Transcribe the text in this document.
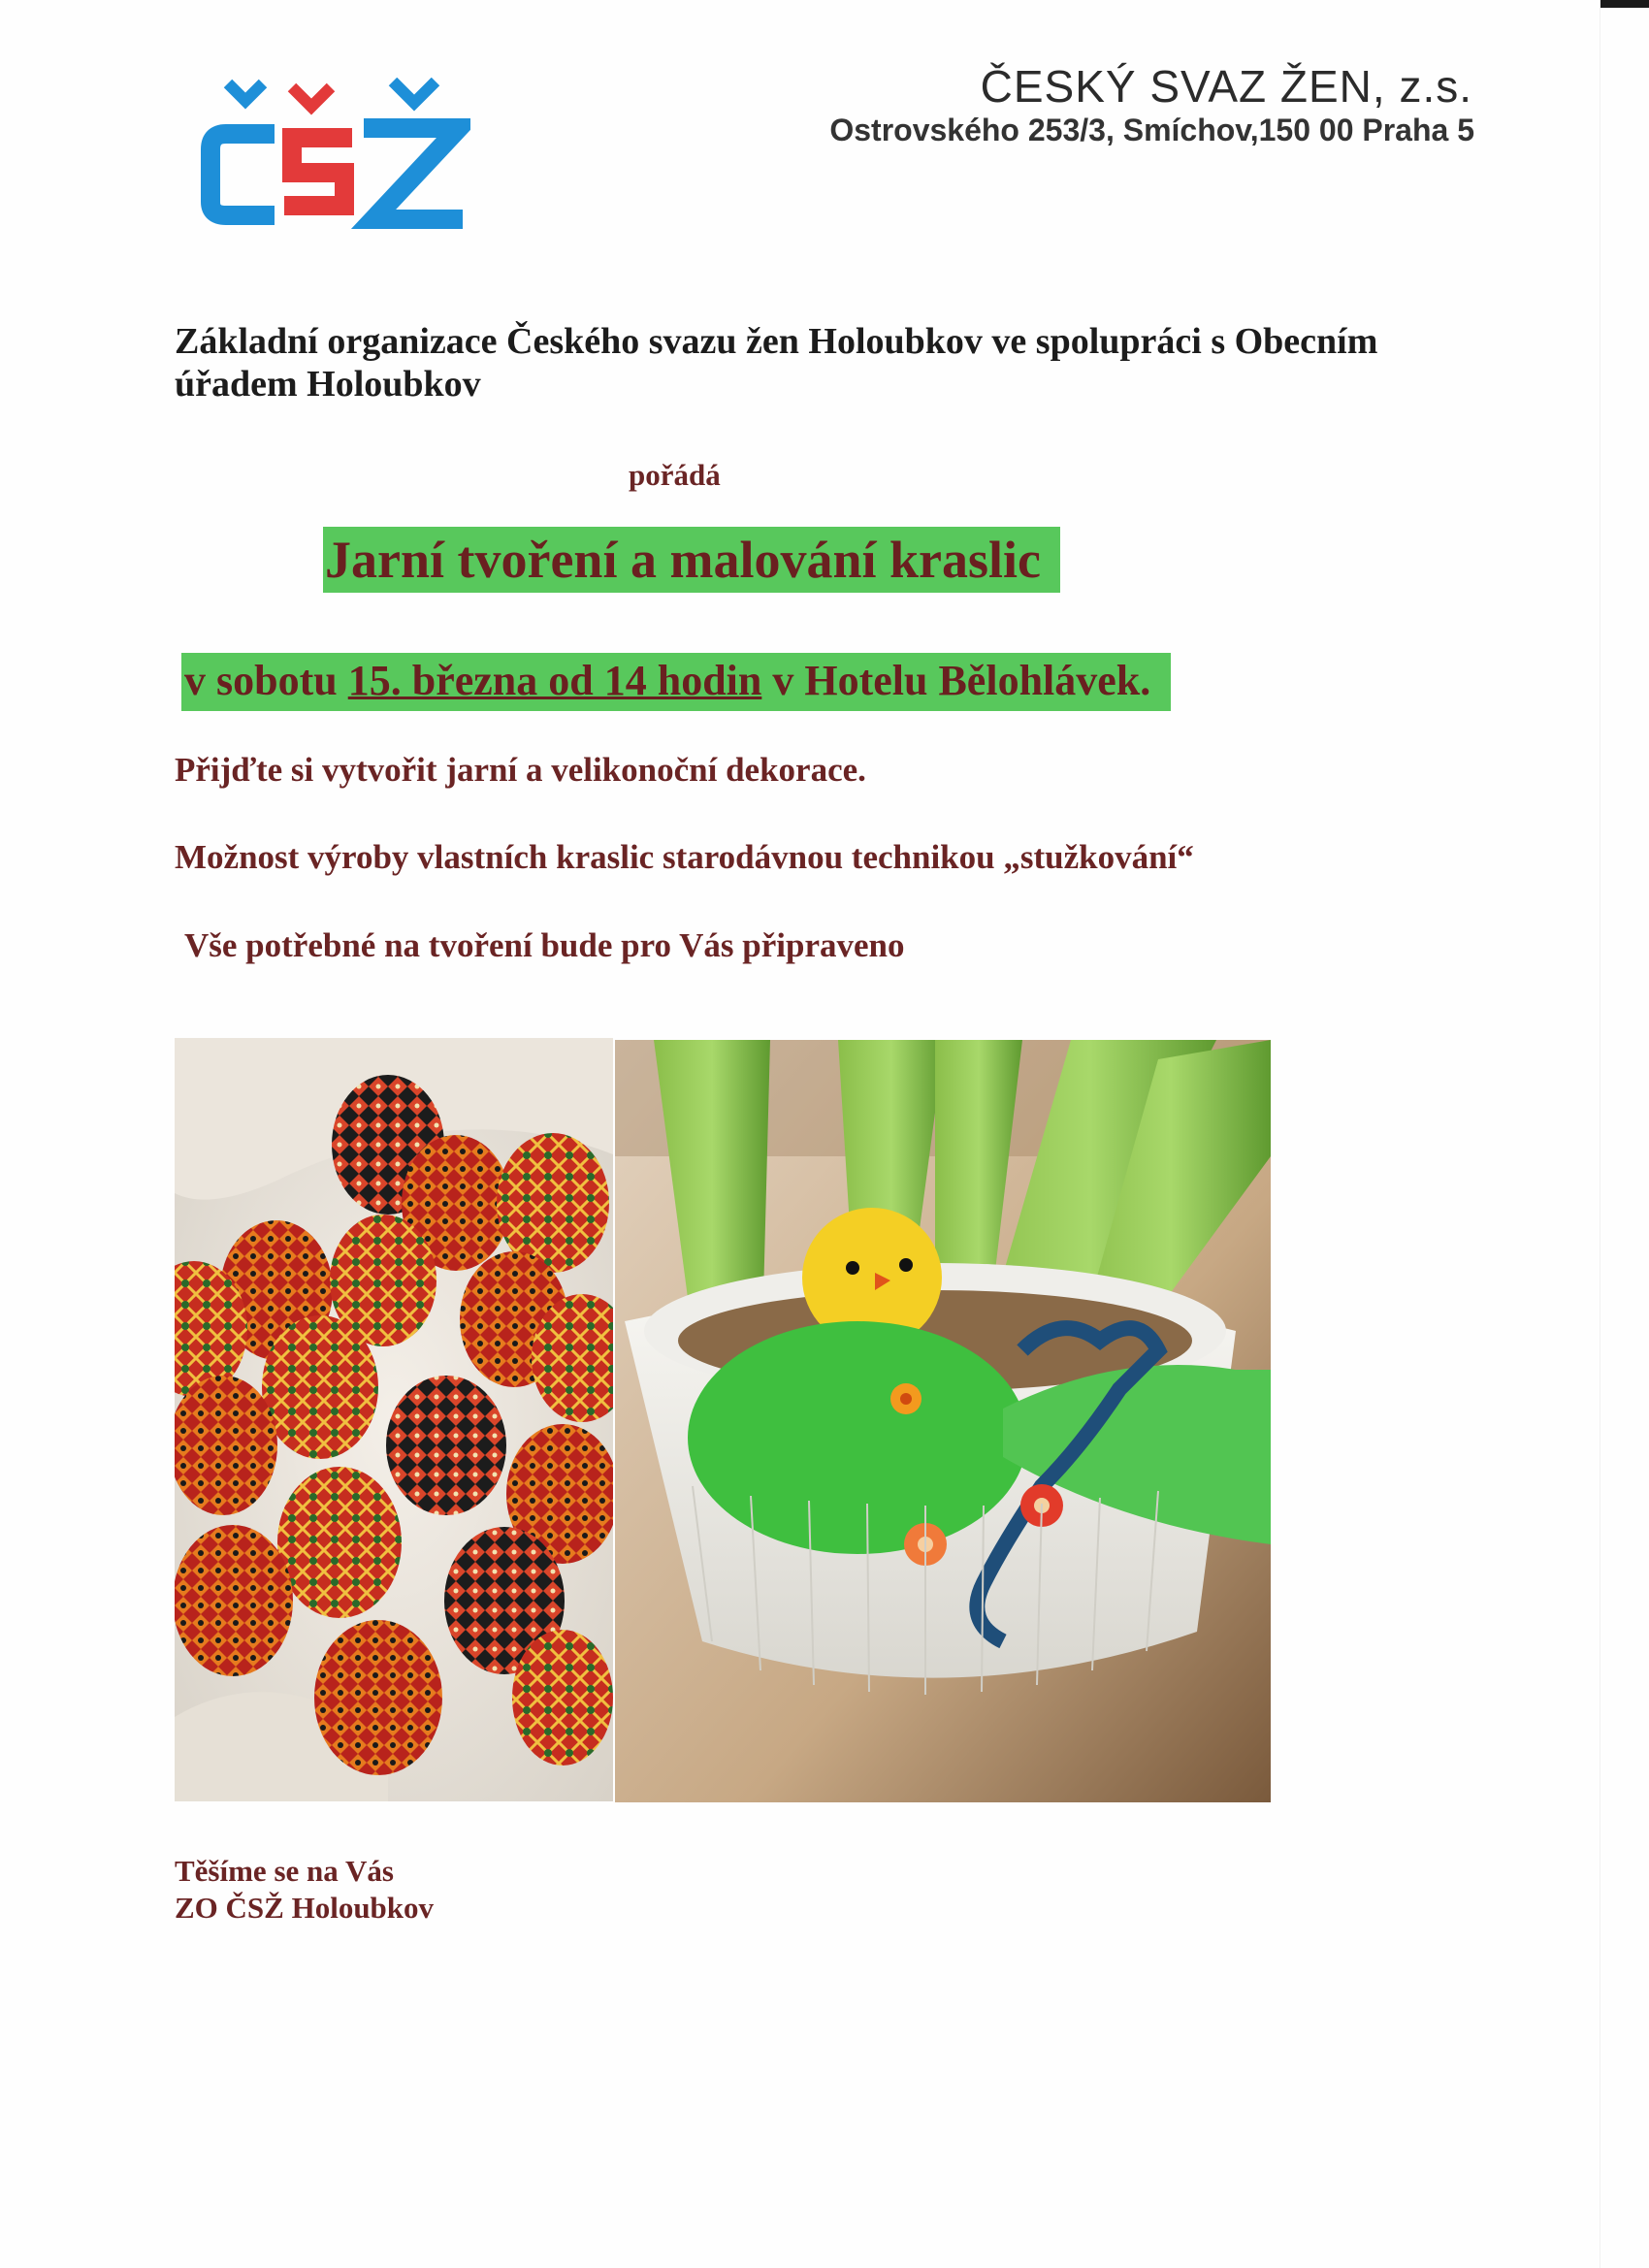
ČESKÝ SVAZ ŽEN, z.s.
Ostrovského 253/3, Smíchov,150 00 Praha 5
Základní organizace Českého svazu žen Holoubkov ve spolupráci s Obecním úřadem Holoubkov
pořádá
Jarní tvoření a malování kraslic
v sobotu 15. března od 14 hodin v Hotelu Bělohlávek.
Přijďte si vytvořit jarní a velikonoční dekorace.
Možnost výroby vlastních kraslic starodávnou technikou „stužkování“
Vše potřebné na tvoření bude pro Vás připraveno
Těšíme se na Vás
ZO ČSŽ Holoubkov
